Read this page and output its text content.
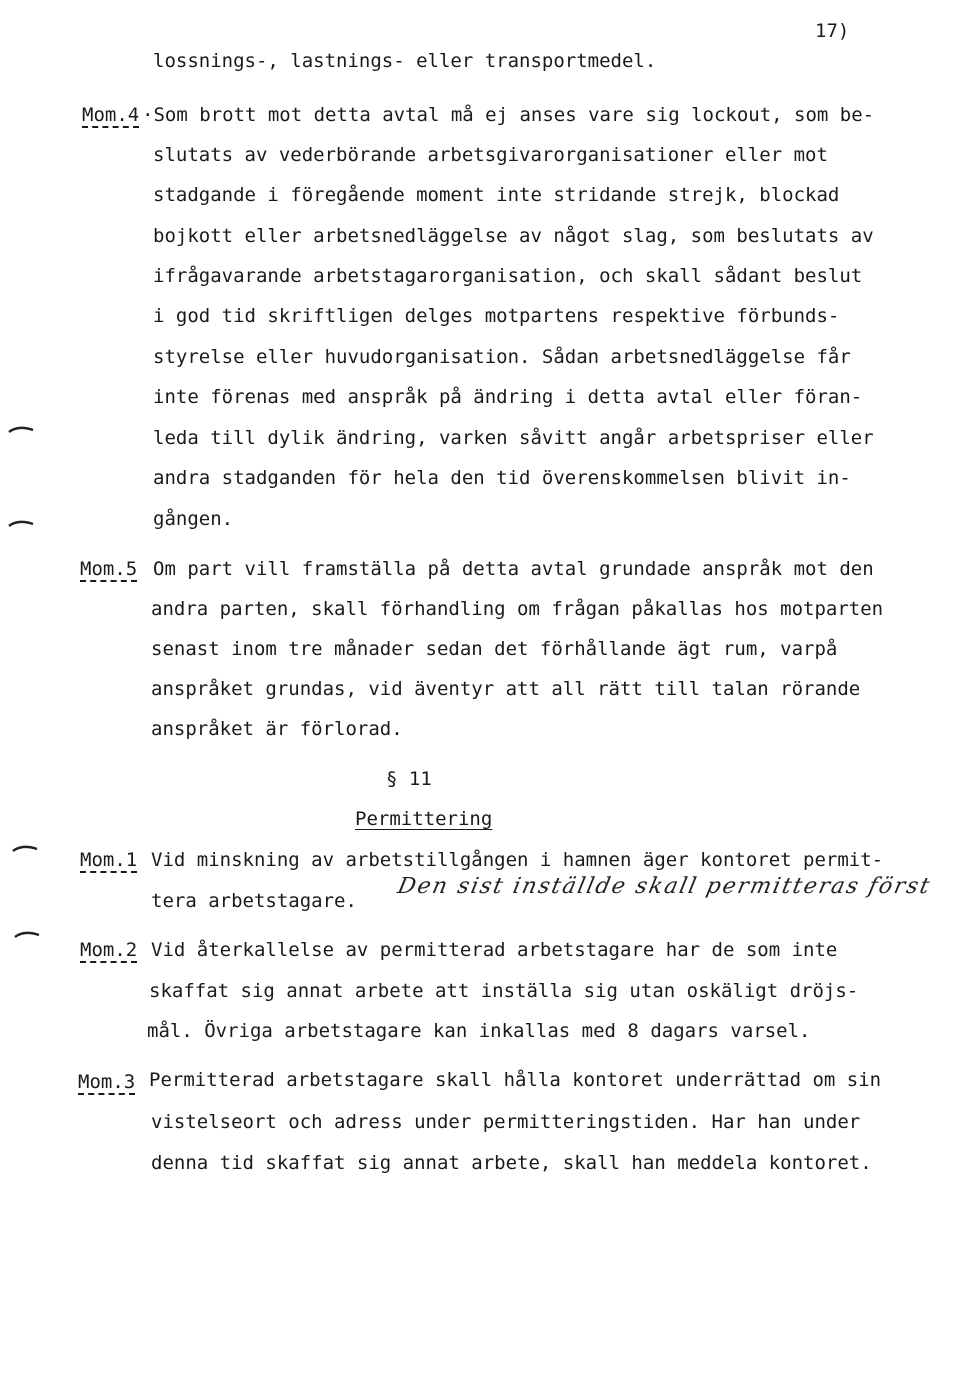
17)
lossnings-, lastnings- eller transportmedel.
Mom.4 ·Som brott mot detta avtal må ej anses vare sig lockout, som be-
slutats av vederbörande arbetsgivarorganisationer eller mot
stadgande i föregående moment inte stridande strejk, blockad
bojkott eller arbetsnedläggelse av något slag, som beslutats av
ifrågavarande arbetstagarorganisation, och skall sådant beslut
i god tid skriftligen delges motpartens respektive förbunds-
styrelse eller huvudorganisation. Sådan arbetsnedläggelse får
inte förenas med anspråk på ändring i detta avtal eller föran-
leda till dylik ändring, varken såvitt angår arbetspriser eller
andra stadganden för hela den tid överenskommelsen blivit in-
gången.
Mom.5 Om part vill framställa på detta avtal grundade anspråk mot den
andra parten, skall förhandling om frågan påkallas hos motparten
senast inom tre månader sedan det förhållande ägt rum, varpå
anspråket grundas, vid äventyr att all rätt till talan rörande
anspråket är förlorad.
§ 11
Permittering
Mom.1 Vid minskning av arbetstillgången i hamnen äger kontoret permit-
tera arbetstagare.
Den sist inställde skall permitteras först
Mom.2 Vid återkallelse av permitterad arbetstagare har de som inte
skaffat sig annat arbete att inställa sig utan oskäligt dröjs-
mål. Övriga arbetstagare kan inkallas med 8 dagars varsel.
Mom.3 Permitterad arbetstagare skall hålla kontoret underrättad om sin
vistelseort och adress under permitteringstiden. Har han under
denna tid skaffat sig annat arbete, skall han meddela kontoret.
